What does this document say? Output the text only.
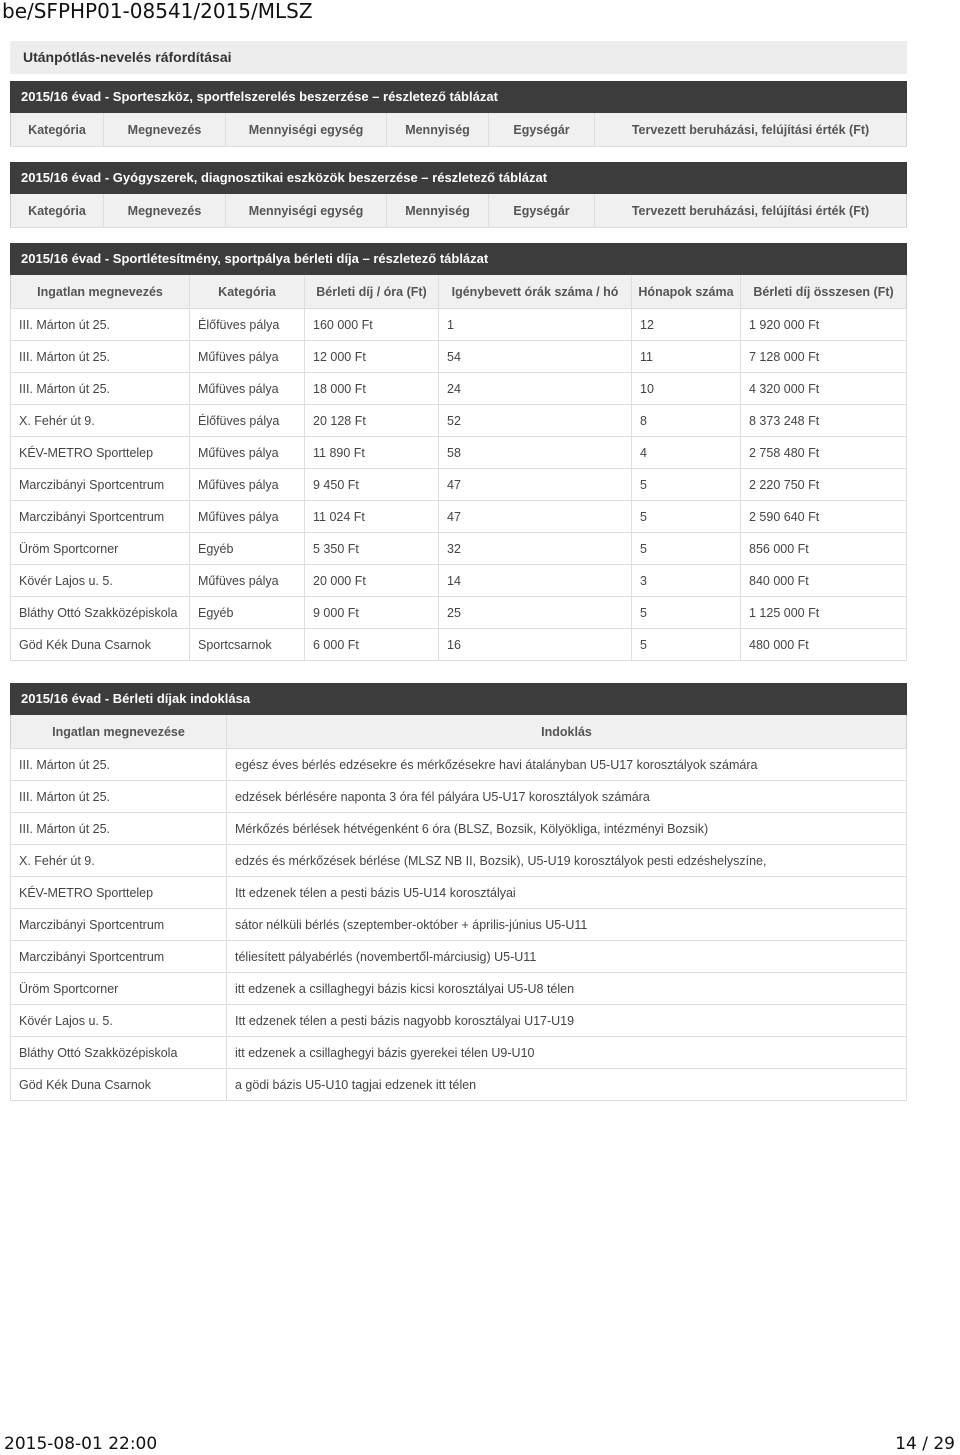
be/SFPHP01-08541/2015/MLSZ
Utánpótlás-nevelés ráfordításai
2015/16 évad - Sporteszköz, sportfelszerelés beszerzése – részletező táblázat
Kategória	Megnevezés	Mennyiségi egység	Mennyiség	Egységár	Tervezett beruházási, felújítási érték (Ft)
2015/16 évad - Gyógyszerek, diagnosztikai eszközök beszerzése – részletező táblázat
Kategória	Megnevezés	Mennyiségi egység	Mennyiség	Egységár	Tervezett beruházási, felújítási érték (Ft)
2015/16 évad - Sportlétesítmény, sportpálya bérleti díja – részletező táblázat
Ingatlan megnevezés	Kategória	Bérleti díj / óra (Ft)	Igénybevett órák száma / hó	Hónapok száma	Bérleti díj összesen (Ft)
III. Márton út 25.	Élőfüves pálya	160 000 Ft	1	12	1 920 000 Ft
III. Márton út 25.	Műfüves pálya	12 000 Ft	54	11	7 128 000 Ft
III. Márton út 25.	Műfüves pálya	18 000 Ft	24	10	4 320 000 Ft
X. Fehér út 9.	Élőfüves pálya	20 128 Ft	52	8	8 373 248 Ft
KÉV-METRO Sporttelep	Műfüves pálya	11 890 Ft	58	4	2 758 480 Ft
Marczibányi Sportcentrum	Műfüves pálya	9 450 Ft	47	5	2 220 750 Ft
Marczibányi Sportcentrum	Műfüves pálya	11 024 Ft	47	5	2 590 640 Ft
Üröm Sportcorner	Egyéb	5 350 Ft	32	5	856 000 Ft
Kövér Lajos u. 5.	Műfüves pálya	20 000 Ft	14	3	840 000 Ft
Bláthy Ottó Szakközépiskola	Egyéb	9 000 Ft	25	5	1 125 000 Ft
Göd Kék Duna Csarnok	Sportcsarnok	6 000 Ft	16	5	480 000 Ft
2015/16 évad - Bérleti díjak indoklása
Ingatlan megnevezése	Indoklás
III. Márton út 25.	egész éves bérlés edzésekre és mérkőzésekre havi átalányban U5-U17 korosztályok számára
III. Márton út 25.	edzések bérlésére naponta 3 óra fél pályára U5-U17 korosztályok számára
III. Márton út 25.	Mérkőzés bérlések hétvégenként 6 óra (BLSZ, Bozsik, Kölyökliga, intézményi Bozsik)
X. Fehér út 9.	edzés és mérkőzések bérlése (MLSZ NB II, Bozsik), U5-U19 korosztályok pesti edzéshelyszíne,
KÉV-METRO Sporttelep	Itt edzenek télen a pesti bázis U5-U14 korosztályai
Marczibányi Sportcentrum	sátor nélküli bérlés (szeptember-október + április-június U5-U11
Marczibányi Sportcentrum	téliesített pályabérlés (novembertől-márciusig) U5-U11
Üröm Sportcorner	itt edzenek a csillaghegyi bázis kicsi korosztályai U5-U8 télen
Kövér Lajos u. 5.	Itt edzenek télen a pesti bázis nagyobb korosztályai U17-U19
Bláthy Ottó Szakközépiskola	itt edzenek a csillaghegyi bázis gyerekei télen U9-U10
Göd Kék Duna Csarnok	a gödi bázis U5-U10 tagjai edzenek itt télen
2015-08-01 22:00	14 / 29
